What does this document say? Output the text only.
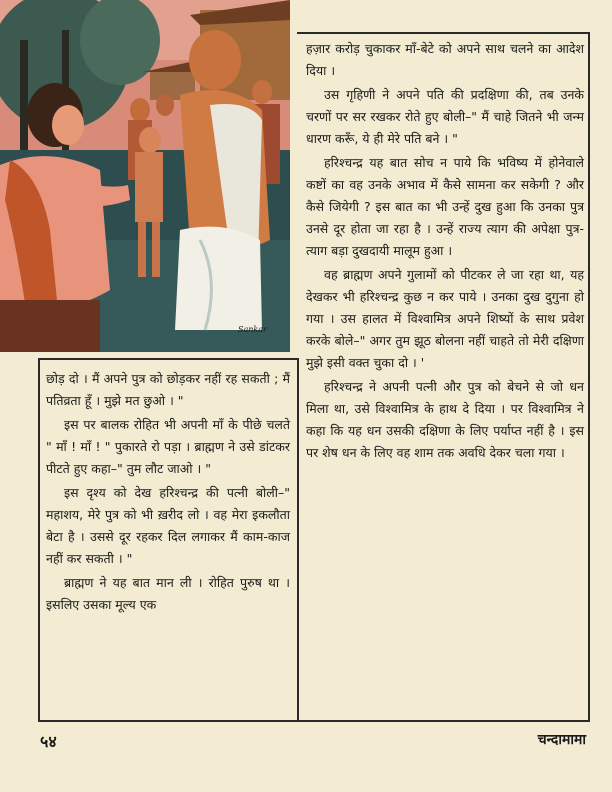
Sankar

हज़ार करोड़ चुकाकर माँ-बेटे को अपने साथ चलने का आदेश दिया ।

उस गृहिणी ने अपने पति की प्रदक्षिणा की, तब उनके चरणों पर सर रखकर रोते हुए बोली–" मैं चाहे जितने भी जन्म धारण करूँ, ये ही मेरे पति बने । "

हरिश्चन्द्र यह बात सोच न पाये कि भविष्य में होनेवाले कष्टों का वह उनके अभाव में कैसे सामना कर सकेगी ? और कैसे जियेगी ? इस बात का भी उन्हें दुख हुआ कि उनका पुत्र उनसे दूर होता जा रहा है । उन्हें राज्य त्याग की अपेक्षा पुत्र-त्याग बड़ा दुखदायी मालूम हुआ ।

वह ब्राह्मण अपने गुलामों को पीटकर ले जा रहा था, यह देखकर भी हरिश्चन्द्र कुछ न कर पाये । उनका दुख दुगुना हो गया । उस हालत में विश्वामित्र अपने शिष्यों के साथ प्रवेश करके बोले–" अगर तुम झूठ बोलना नहीं चाहते तो मेरी दक्षिणा मुझे इसी वक्त चुका दो । '

हरिश्चन्द्र ने अपनी पत्नी और पुत्र को बेचने से जो धन मिला था, उसे विश्वामित्र के हाथ दे दिया । पर विश्वामित्र ने कहा कि यह धन उसकी दक्षिणा के लिए पर्याप्त नहीं है । इस पर शेष धन के लिए वह शाम तक अवधि देकर चला गया ।

छोड़ दो । मैं अपने पुत्र को छोड़कर नहीं रह सकती ; मैं पतिव्रता हूँ । मुझे मत छुओ । "

इस पर बालक रोहित भी अपनी माँ के पीछे चलते " माँ ! माँ ! " पुकारते रो पड़ा । ब्राह्मण ने उसे डांटकर पीटते हुए कहा–" तुम लौट जाओ । "

इस दृश्य को देख हरिश्चन्द्र की पत्नी बोली–" महाशय, मेरे पुत्र को भी ख़रीद लो । वह मेरा इकलौता बेटा है । उससे दूर रहकर दिल लगाकर मैं काम-काज नहीं कर सकती । "

ब्राह्मण ने यह बात मान ली । रोहित पुरुष था । इसलिए उसका मूल्य एक

५४	चन्दामामा
